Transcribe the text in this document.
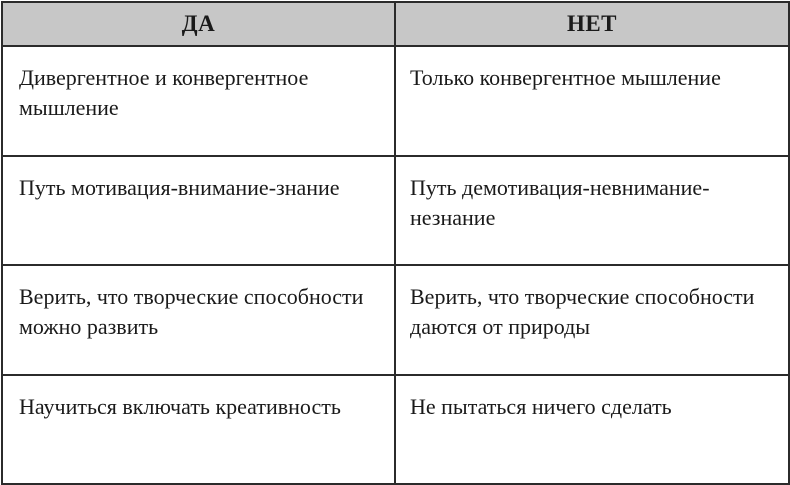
ДА	НЕТ
Дивергентное и конвергентное мышление	Только конвергентное мышление
Путь мотивация-внимание-знание	Путь демотивация-невнимание-незнание
Верить, что творческие способности можно развить	Верить, что творческие способности даются от природы
Научиться включать креативность	Не пытаться ничего сделать
